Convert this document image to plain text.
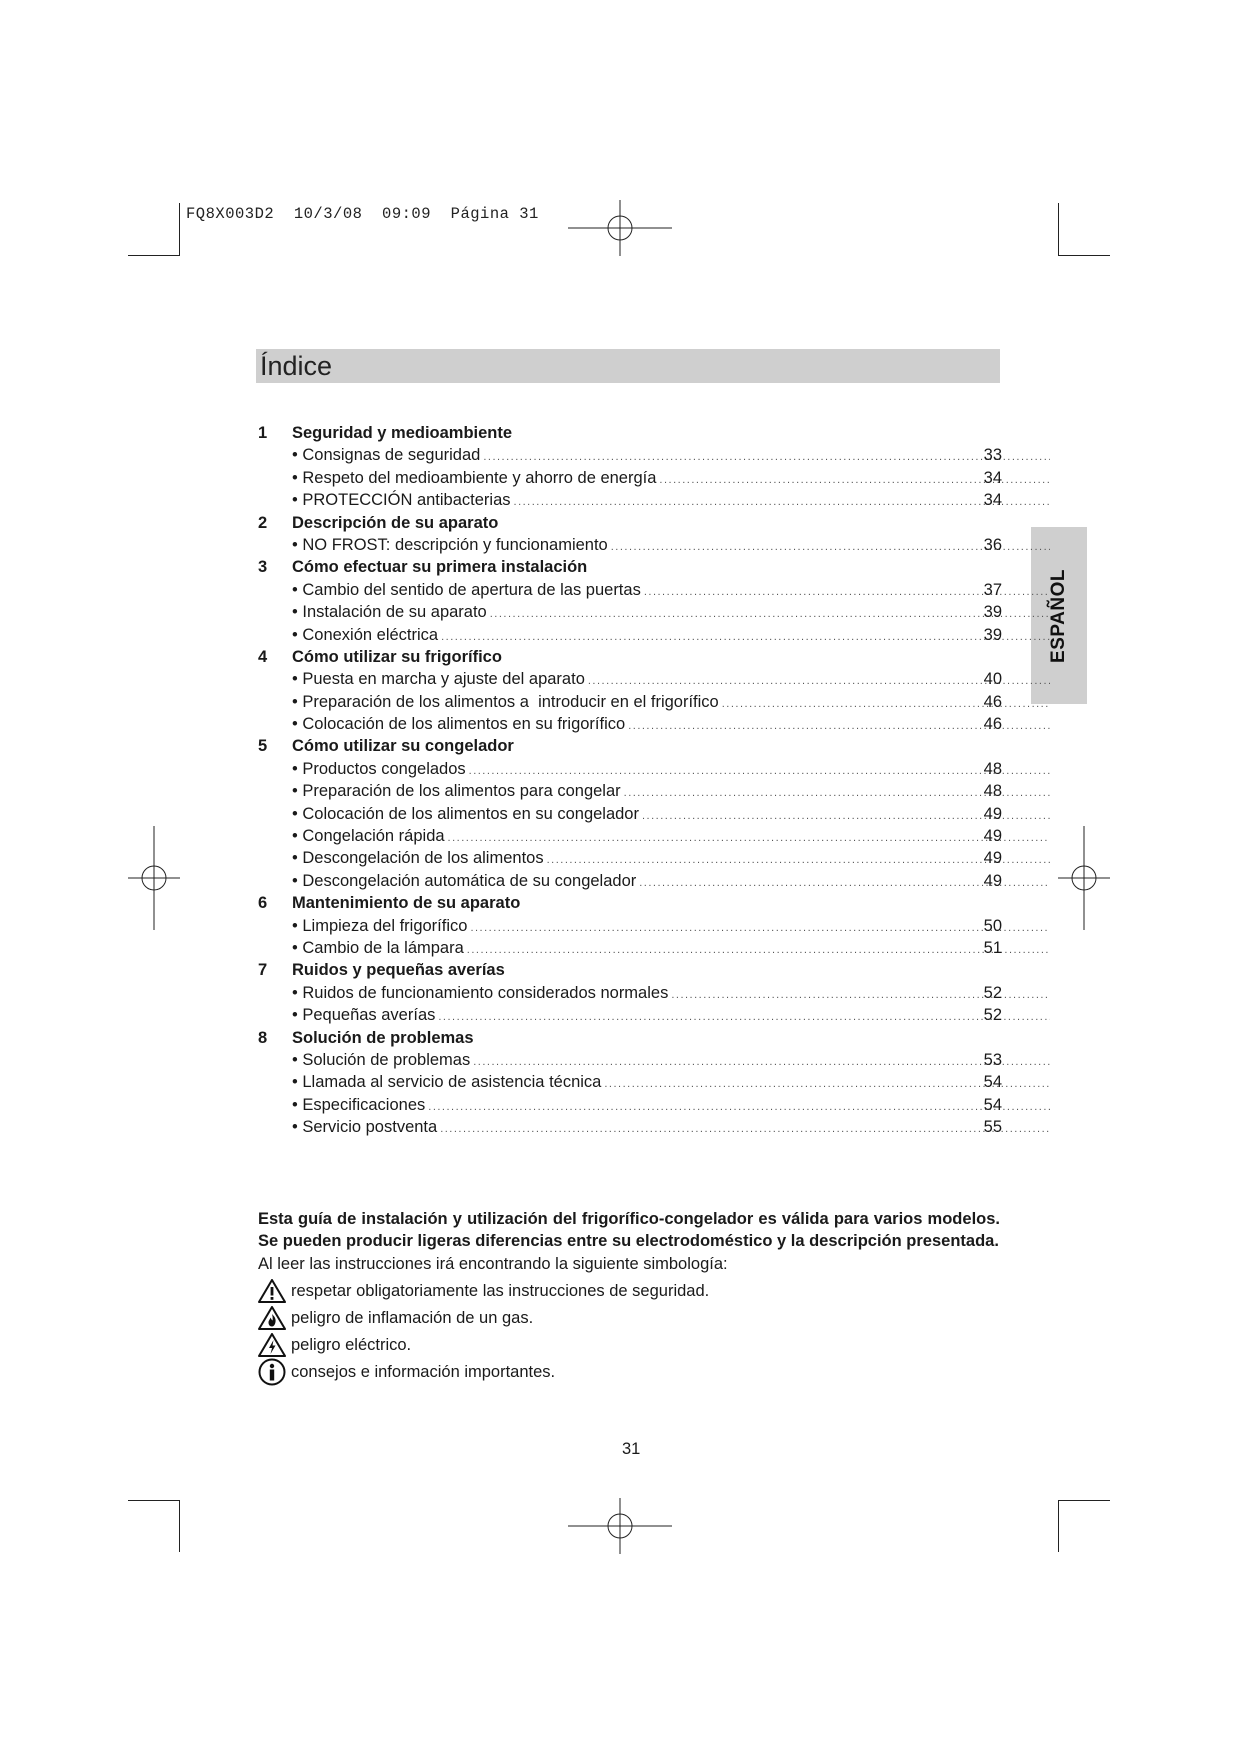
FQ8X003D2  10/3/08  09:09  Página 31
Índice
ESPAÑOL
1 Seguridad y medioambiente
• Consignas de seguridad .....	33
• Respeto del medioambiente y ahorro de energía .....	34
• PROTECCIÓN antibacterias .....	34
2 Descripción de su aparato
• NO FROST: descripción y funcionamiento .....	36
3 Cómo efectuar su primera instalación
• Cambio del sentido de apertura de las puertas .....	37
• Instalación de su aparato .....	39
• Conexión eléctrica .....	39
4 Cómo utilizar su frigorífico
• Puesta en marcha y ajuste del aparato .....	40
• Preparación de los alimentos a  introducir en el frigorífico .....	46
• Colocación de los alimentos en su frigorífico .....	46
5 Cómo utilizar su congelador
• Productos congelados .....	48
• Preparación de los alimentos para congelar .....	48
• Colocación de los alimentos en su congelador .....	49
• Congelación rápida .....	49
• Descongelación de los alimentos .....	49
• Descongelación automática de su congelador .....	49
6 Mantenimiento de su aparato
• Limpieza del frigorífico .....	50
• Cambio de la lámpara .....	51
7 Ruidos y pequeñas averías
• Ruidos de funcionamiento considerados normales .....	52
• Pequeñas averías .....	52
8 Solución de problemas
• Solución de problemas .....	53
• Llamada al servicio de asistencia técnica .....	54
• Especificaciones .....	54
• Servicio postventa .....	55
Esta guía de instalación y utilización del frigorífico-congelador es válida para varios modelos. Se pueden producir ligeras diferencias entre su electrodoméstico y la descripción presentada.
Al leer las instrucciones irá encontrando la siguiente simbología:
respetar obligatoriamente las instrucciones de seguridad.
peligro de inflamación de un gas.
peligro eléctrico.
consejos e información importantes.
31
